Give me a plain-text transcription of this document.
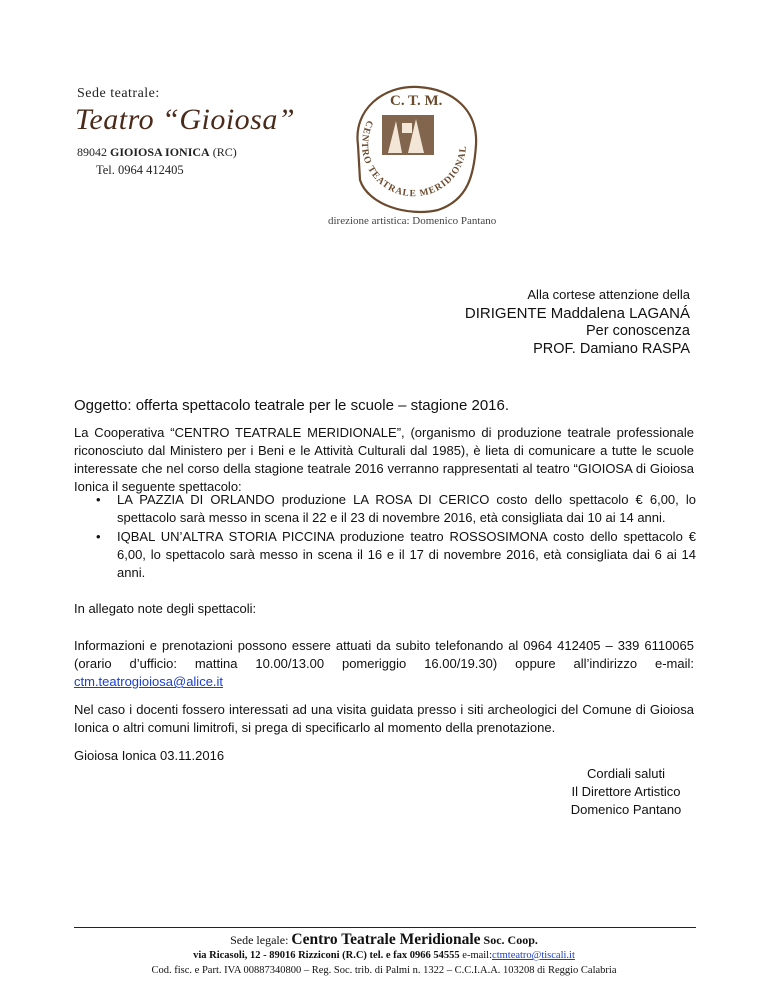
Sede teatrale:
Teatro “Gioiosa”
89042 GIOIOSA IONICA (RC)
Tel. 0964 412405
C. T. M.
CENTRO TEATRALE MERIDIONAL
direzione artistica: Domenico Pantano
Alla cortese attenzione della
DIRIGENTE Maddalena LAGANÁ
Per conoscenza
PROF. Damiano RASPA
Oggetto: offerta spettacolo teatrale per le scuole – stagione 2016.
La Cooperativa “CENTRO TEATRALE MERIDIONALE”, (organismo di produzione teatrale professionale
riconosciuto dal Ministero per i Beni e le Attività Culturali dal 1985), è lieta di comunicare a tutte le scuole
interessate che nel corso della stagione teatrale 2016 verranno rappresentati al teatro “GIOIOSA di Gioiosa
Ionica il seguente spettacolo:
• LA PAZZIA DI ORLANDO produzione LA ROSA DI CERICO costo dello spettacolo € 6,00, lo spettacolo sarà messo in scena il 22 e il 23 di novembre 2016, età consigliata dai 10 ai 14 anni.
• IQBAL UN’ALTRA STORIA PICCINA produzione teatro ROSSOSIMONA costo dello spettacolo € 6,00, lo spettacolo sarà messo in scena il 16 e il 17 di novembre 2016, età consigliata dai 6 ai 14 anni.
In allegato note degli spettacoli:
Informazioni e prenotazioni possono essere attuati da subito telefonando al 0964 412405 – 339 6110065 (orario d’ufficio: mattina 10.00/13.00 pomeriggio 16.00/19.30) oppure all’indirizzo e-mail: ctm.teatrogioiosa@alice.it
Nel caso i docenti fossero interessati ad una visita guidata presso i siti archeologici del Comune di Gioiosa Ionica o altri comuni limitrofi, si prega di specificarlo al momento della prenotazione.
Gioiosa Ionica 03.11.2016
Cordiali saluti
Il Direttore Artistico
Domenico Pantano
Sede legale: Centro Teatrale Meridionale Soc. Coop.
via Ricasoli, 12 - 89016 Rizziconi (R.C) tel. e fax 0966 54555 e-mail:ctmteatro@tiscali.it
Cod. fisc. e Part. IVA 00887340800 – Reg. Soc. trib. di Palmi n. 1322 – C.C.I.A.A. 103208 di Reggio Calabria
